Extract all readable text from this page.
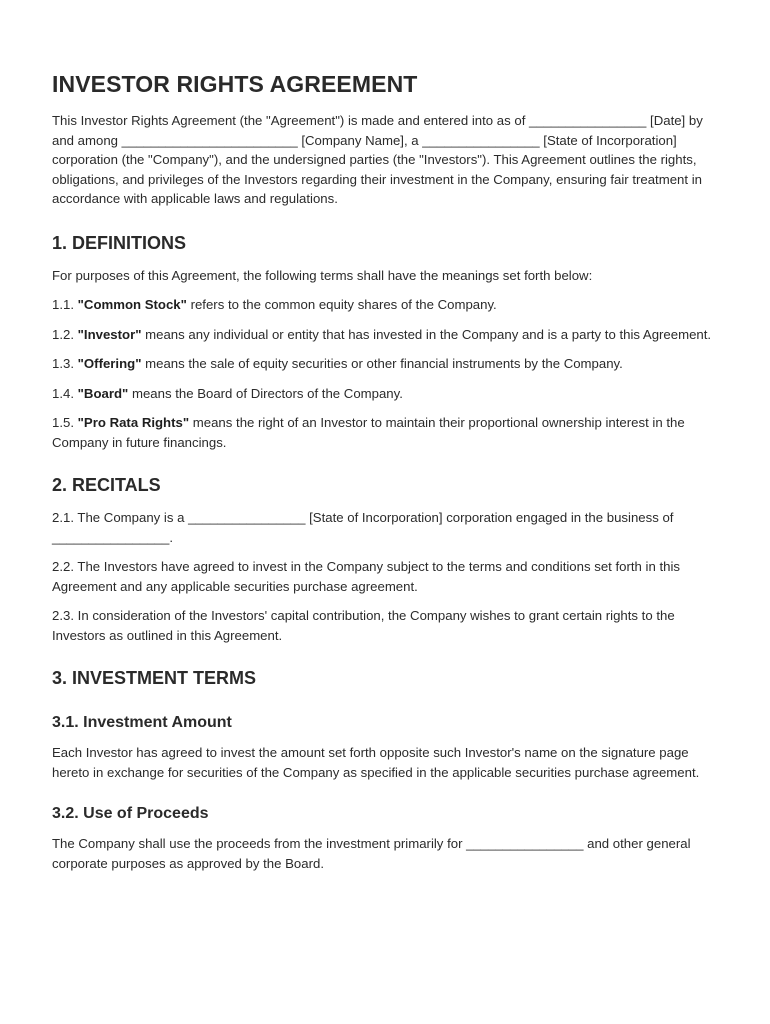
INVESTOR RIGHTS AGREEMENT

This Investor Rights Agreement (the "Agreement") is made and entered into as of ________________ [Date] by and among ________________________ [Company Name], a ________________ [State of Incorporation] corporation (the "Company"), and the undersigned parties (the "Investors"). This Agreement outlines the rights, obligations, and privileges of the Investors regarding their investment in the Company, ensuring fair treatment in accordance with applicable laws and regulations.

1. DEFINITIONS

For purposes of this Agreement, the following terms shall have the meanings set forth below:

1.1. "Common Stock" refers to the common equity shares of the Company.

1.2. "Investor" means any individual or entity that has invested in the Company and is a party to this Agreement.

1.3. "Offering" means the sale of equity securities or other financial instruments by the Company.

1.4. "Board" means the Board of Directors of the Company.

1.5. "Pro Rata Rights" means the right of an Investor to maintain their proportional ownership interest in the Company in future financings.

2. RECITALS

2.1. The Company is a ________________ [State of Incorporation] corporation engaged in the business of ________________.

2.2. The Investors have agreed to invest in the Company subject to the terms and conditions set forth in this Agreement and any applicable securities purchase agreement.

2.3. In consideration of the Investors' capital contribution, the Company wishes to grant certain rights to the Investors as outlined in this Agreement.

3. INVESTMENT TERMS
3.1. Investment Amount

Each Investor has agreed to invest the amount set forth opposite such Investor's name on the signature page hereto in exchange for securities of the Company as specified in the applicable securities purchase agreement.

3.2. Use of Proceeds

The Company shall use the proceeds from the investment primarily for ________________ and other general corporate purposes as approved by the Board.
